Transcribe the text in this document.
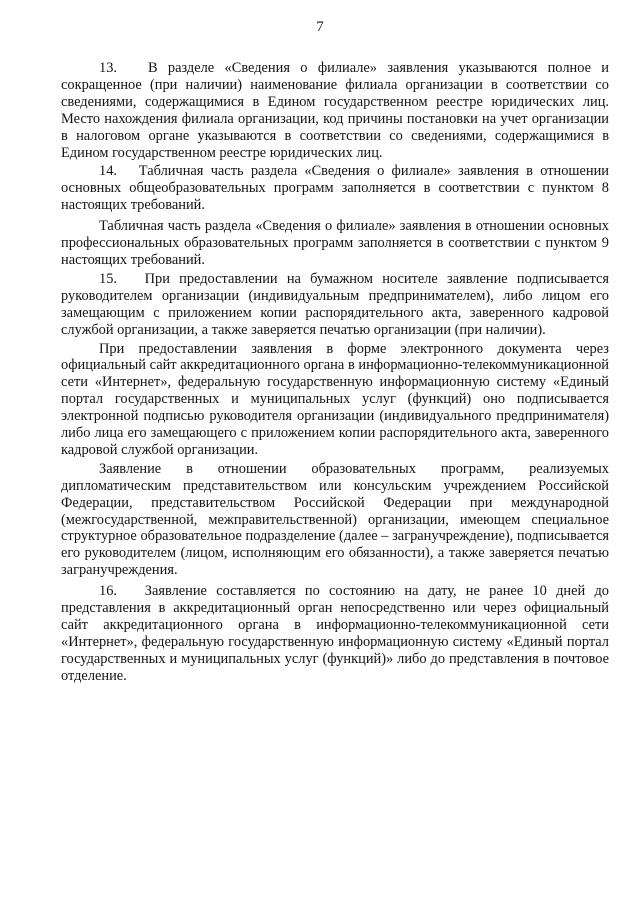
7

13.   В разделе «Сведения о филиале» заявления указываются полное и сокращенное (при наличии) наименование филиала организации в соответствии со сведениями, содержащимися в Едином государственном реестре юридических лиц. Место нахождения филиала организации, код причины постановки на учет организации в налоговом органе указываются в соответствии со сведениями, содержащимися в Едином государственном реестре юридических лиц.

14.   Табличная часть раздела «Сведения о филиале» заявления в отношении основных общеобразовательных программ заполняется в соответствии с пунктом 8 настоящих требований.

Табличная часть раздела «Сведения о филиале» заявления в отношении основных профессиональных образовательных программ заполняется в соответствии с пунктом 9 настоящих требований.

15.   При предоставлении на бумажном носителе заявление подписывается руководителем организации (индивидуальным предпринимателем), либо лицом его замещающим с приложением копии распорядительного акта, заверенного кадровой службой организации, а также заверяется печатью организации (при наличии).

При предоставлении заявления в форме электронного документа через официальный сайт аккредитационного органа в информационно-телекоммуникационной сети «Интернет», федеральную государственную информационную систему «Единый портал государственных и муниципальных услуг (функций) оно подписывается электронной подписью руководителя организации (индивидуального предпринимателя) либо лица его замещающего с приложением копии распорядительного акта, заверенного кадровой службой организации.

Заявление в отношении образовательных программ, реализуемых дипломатическим представительством или консульским учреждением Российской Федерации, представительством Российской Федерации при международной (межгосударственной, межправительственной) организации, имеющем специальное структурное образовательное подразделение (далее – загранучреждение), подписывается его руководителем (лицом, исполняющим его обязанности), а также заверяется печатью загранучреждения.

16.   Заявление составляется по состоянию на дату, не ранее 10 дней до представления в аккредитационный орган непосредственно или через официальный сайт аккредитационного органа в информационно-телекоммуникационной сети «Интернет», федеральную государственную информационную систему «Единый портал государственных и муниципальных услуг (функций)» либо до представления в почтовое отделение.
